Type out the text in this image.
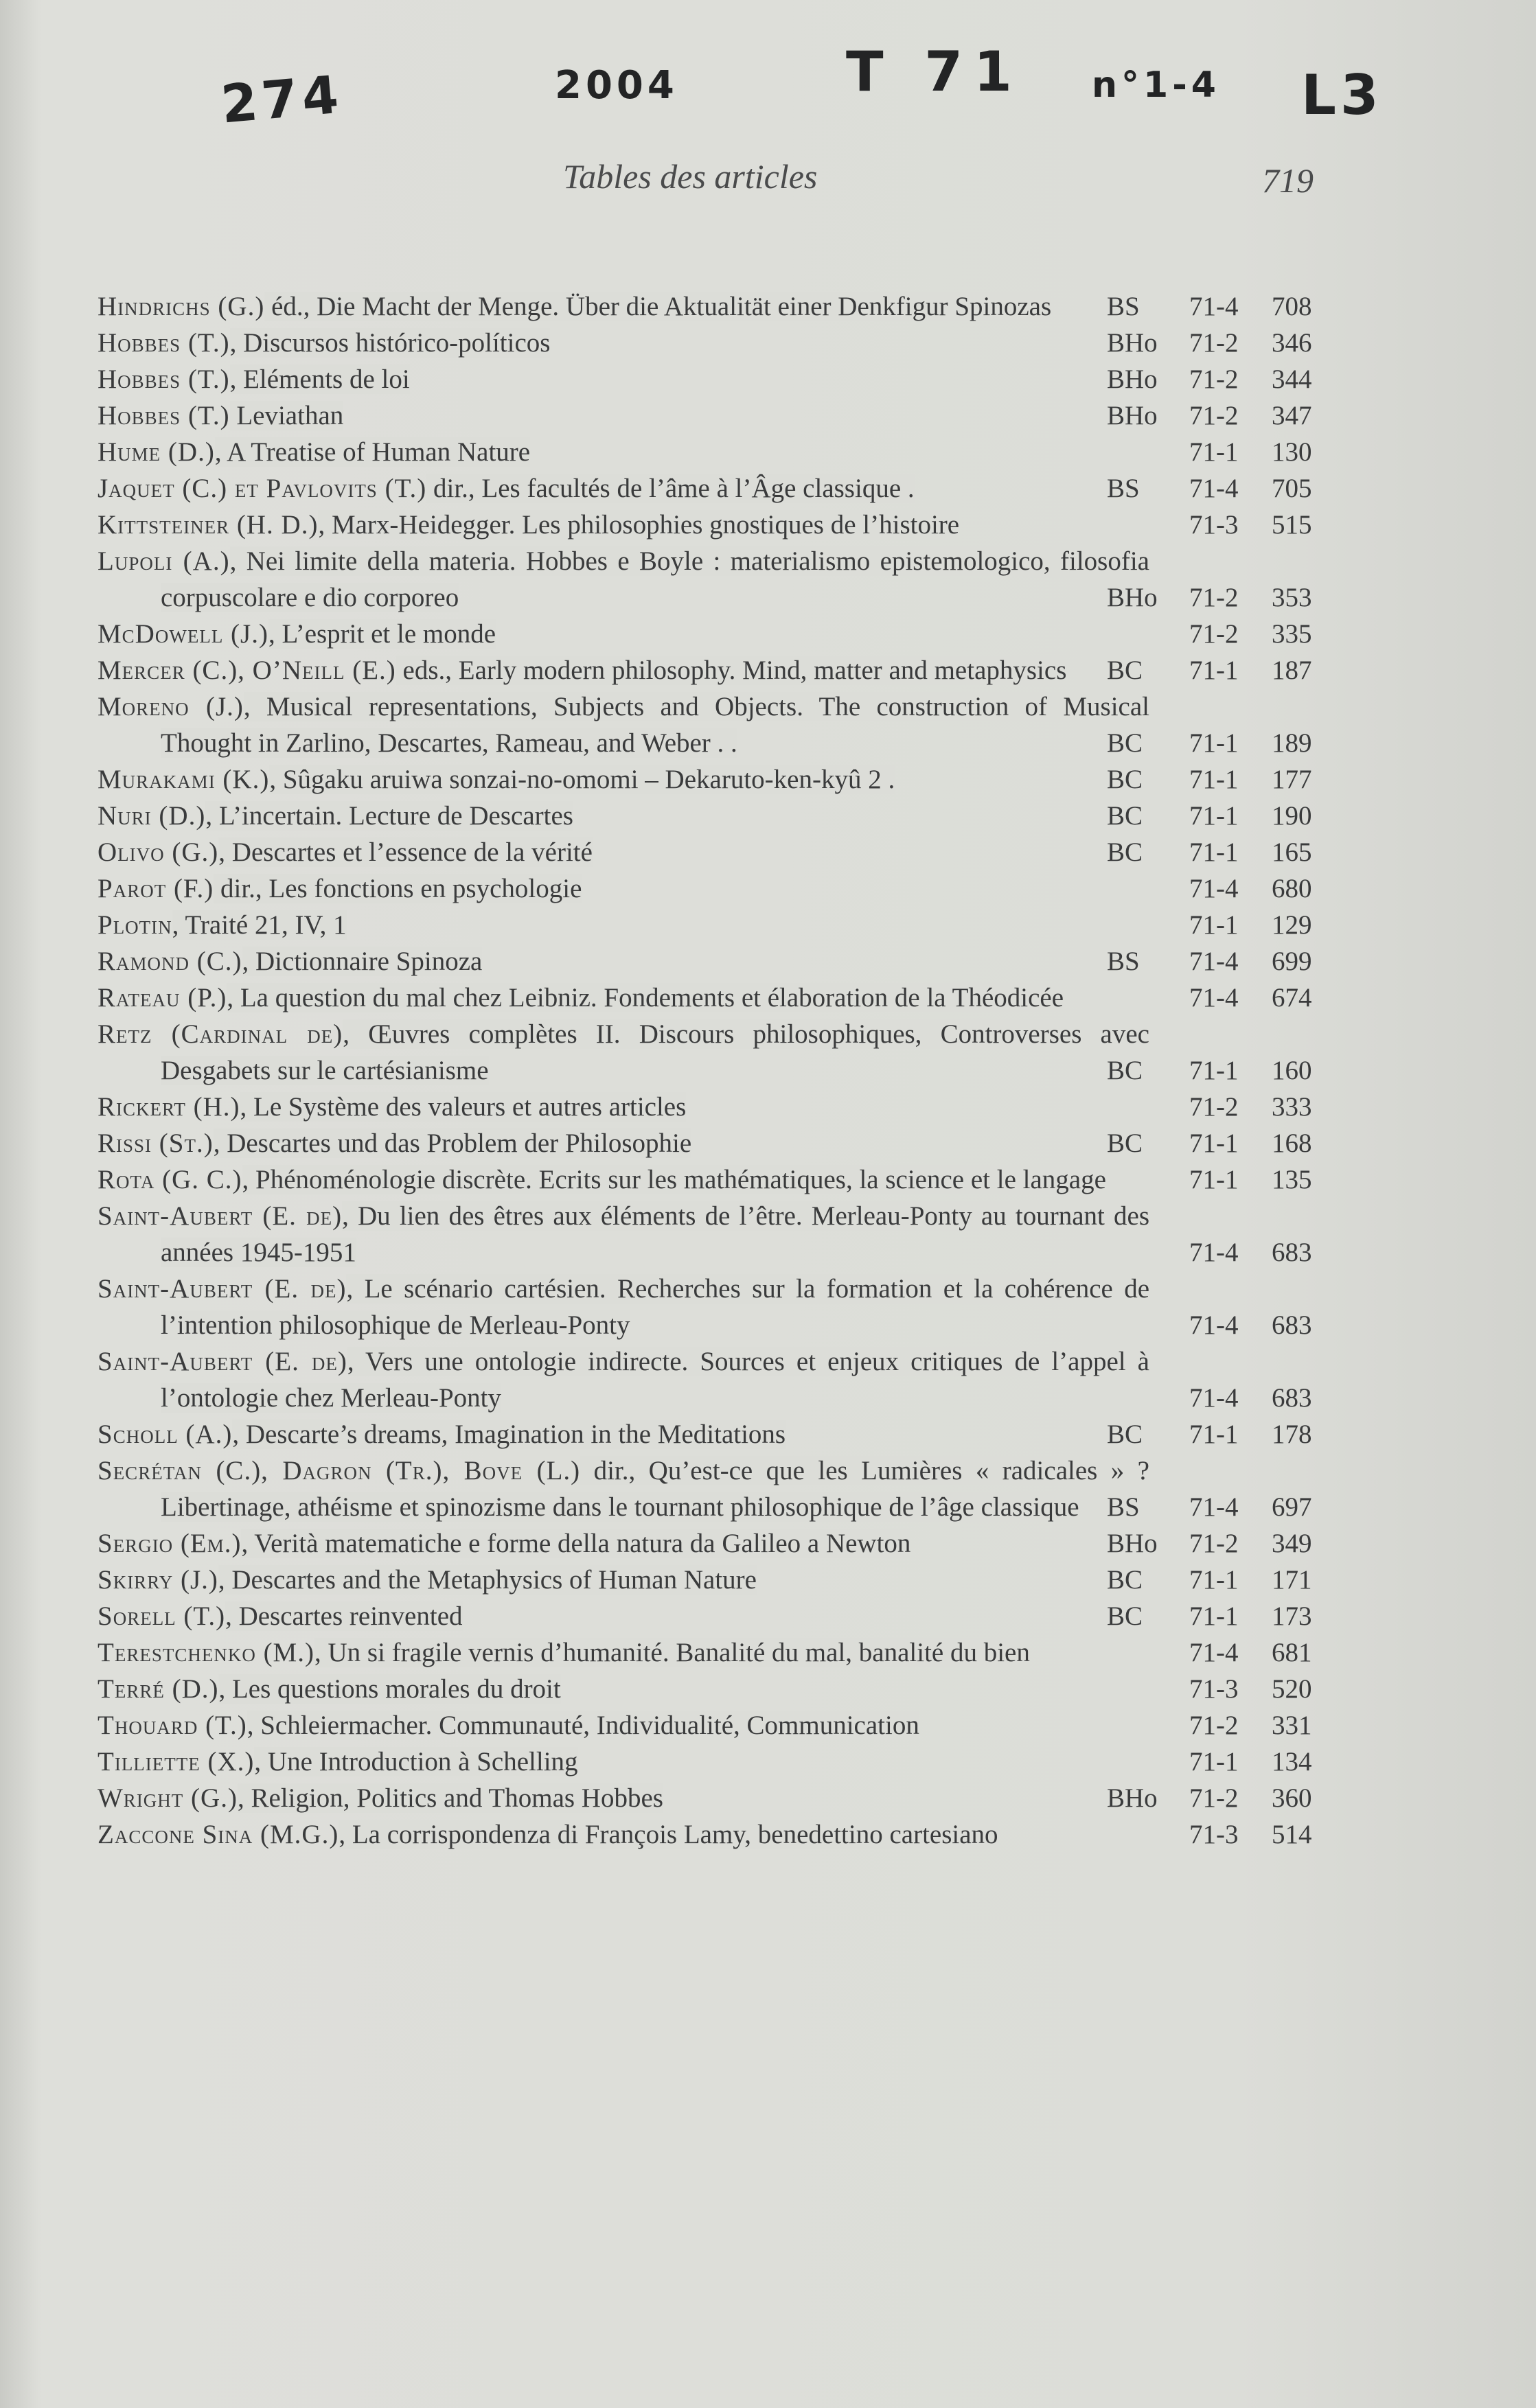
274	2004	T 71 n°1-4 L3
Tables des articles	719
Hindrichs (G.) éd., Die Macht der Menge. Über die Aktualität einer Denkfigur Spinozas	BS	71-4	708
Hobbes (T.), Discursos histórico-políticos	BHo	71-2	346
Hobbes (T.), Eléments de loi	BHo	71-2	344
Hobbes (T.) Leviathan	BHo	71-2	347
Hume (D.), A Treatise of Human Nature	71-1	130
Jaquet (C.) et Pavlovits (T.) dir., Les facultés de l’âme à l’Âge classique .	BS	71-4	705
Kittsteiner (H. D.), Marx-Heidegger. Les philosophies gnostiques de l’histoire	71-3	515
Lupoli (A.), Nei limite della materia. Hobbes e Boyle : materialismo epistemologico, filosofia corpuscolare e dio corporeo	BHo	71-2	353
McDowell (J.), L’esprit et le monde	71-2	335
Mercer (C.), O’Neill (E.) eds., Early modern philosophy. Mind, matter and metaphysics	BC	71-1	187
Moreno (J.), Musical representations, Subjects and Objects. The construction of Musical Thought in Zarlino, Descartes, Rameau, and Weber . .	BC	71-1	189
Murakami (K.), Sûgaku aruiwa sonzai-no-omomi – Dekaruto-ken-kyû 2 .	BC	71-1	177
Nuri (D.), L’incertain. Lecture de Descartes	BC	71-1	190
Olivo (G.), Descartes et l’essence de la vérité	BC	71-1	165
Parot (F.) dir., Les fonctions en psychologie	71-4	680
Plotin, Traité 21, IV, 1	71-1	129
Ramond (C.), Dictionnaire Spinoza	BS	71-4	699
Rateau (P.), La question du mal chez Leibniz. Fondements et élaboration de la Théodicée	71-4	674
Retz (Cardinal de), Œuvres complètes II. Discours philosophiques, Controverses avec Desgabets sur le cartésianisme	BC	71-1	160
Rickert (H.), Le Système des valeurs et autres articles	71-2	333
Rissi (St.), Descartes und das Problem der Philosophie	BC	71-1	168
Rota (G. C.), Phénoménologie discrète. Ecrits sur les mathématiques, la science et le langage	71-1	135
Saint-Aubert (E. de), Du lien des êtres aux éléments de l’être. Merleau-Ponty au tournant des années 1945-1951	71-4	683
Saint-Aubert (E. de), Le scénario cartésien. Recherches sur la formation et la cohérence de l’intention philosophique de Merleau-Ponty	71-4	683
Saint-Aubert (E. de), Vers une ontologie indirecte. Sources et enjeux critiques de l’appel à l’ontologie chez Merleau-Ponty	71-4	683
Scholl (A.), Descarte’s dreams, Imagination in the Meditations	BC	71-1	178
Secrétan (C.), Dagron (Tr.), Bove (L.) dir., Qu’est-ce que les Lumières « radicales » ? Libertinage, athéisme et spinozisme dans le tournant philosophique de l’âge classique	BS	71-4	697
Sergio (Em.), Verità matematiche e forme della natura da Galileo a Newton	BHo	71-2	349
Skirry (J.), Descartes and the Metaphysics of Human Nature	BC	71-1	171
Sorell (T.), Descartes reinvented	BC	71-1	173
Terestchenko (M.), Un si fragile vernis d’humanité. Banalité du mal, banalité du bien	71-4	681
Terré (D.), Les questions morales du droit	71-3	520
Thouard (T.), Schleiermacher. Communauté, Individualité, Communication	71-2	331
Tilliette (X.), Une Introduction à Schelling	71-1	134
Wright (G.), Religion, Politics and Thomas Hobbes	BHo	71-2	360
Zaccone Sina (M.G.), La corrispondenza di François Lamy, benedettino cartesiano	71-3	514
